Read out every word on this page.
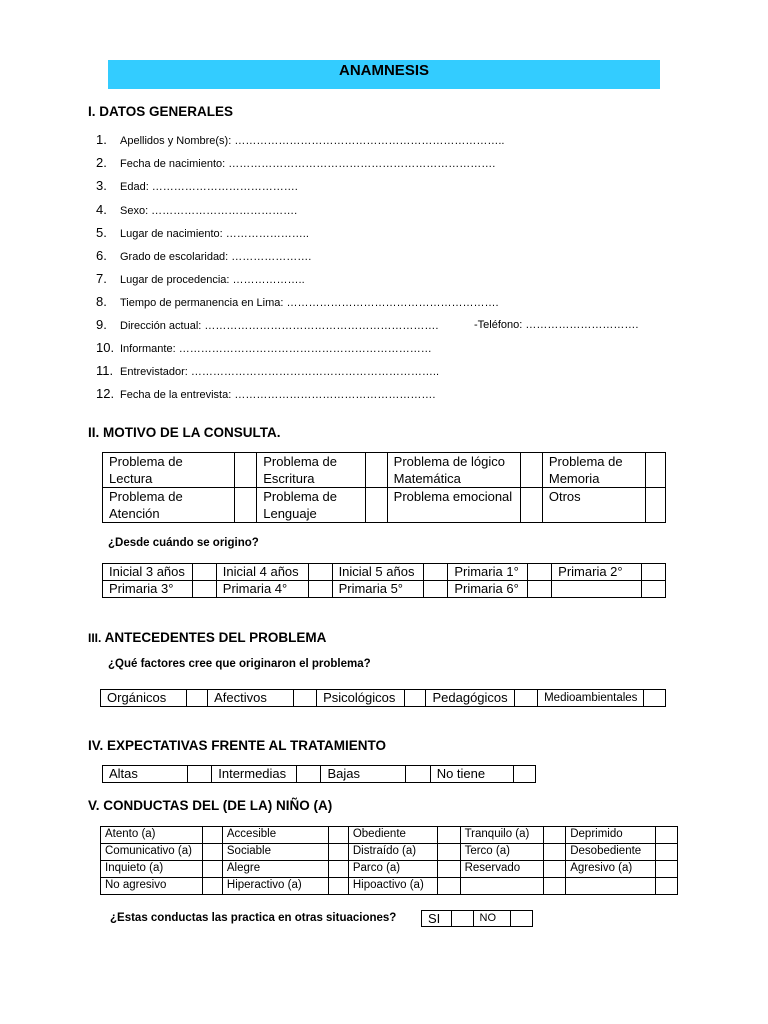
ANAMNESIS
I. DATOS GENERALES
1. Apellidos y Nombre(s): ………………………………………………………………..
2. Fecha de nacimiento: ……………………………………………………………….
3. Edad: ………………………………….
4. Sexo: ………………………………….
5. Lugar de nacimiento: …………………..
6. Grado de escolaridad: ………………….
7. Lugar de procedencia: ………………..
8. Tiempo de permanencia en Lima: ………………………………………………….
9. Dirección actual: ……………………………………………………….	-Teléfono: ………………………….
10. Informante: ……………………………………………………………
11. Entrevistador: …………………………………………………………..
12. Fecha de la entrevista: ……………………………………………….
II. MOTIVO DE LA CONSULTA.
Problema de Lectura		Problema de Escritura		Problema de lógico Matemática		Problema de Memoria	
Problema de Atención		Problema de Lenguaje		Problema emocional		Otros	
¿Desde cuándo se origino?
Inicial 3 años		Inicial 4 años		Inicial 5 años		Primaria 1°		Primaria 2°	
Primaria 3°		Primaria 4°		Primaria 5°		Primaria 6°			
III. ANTECEDENTES DEL PROBLEMA
¿Qué factores cree que originaron el problema?
Orgánicos		Afectivos		Psicológicos		Pedagógicos		Medioambientales	
IV. EXPECTATIVAS FRENTE AL TRATAMIENTO
Altas		Intermedias		Bajas		No tiene	
V. CONDUCTAS DEL (DE LA) NIÑO (A)
Atento (a)		Accesible		Obediente		Tranquilo (a)		Deprimido	
Comunicativo (a)		Sociable		Distraído (a)		Terco (a)		Desobediente	
Inquieto (a)		Alegre		Parco (a)		Reservado		Agresivo (a)	
No agresivo		Hiperactivo (a)		Hipoactivo (a)					
¿Estas conductas las practica en otras situaciones? SI		NO	
